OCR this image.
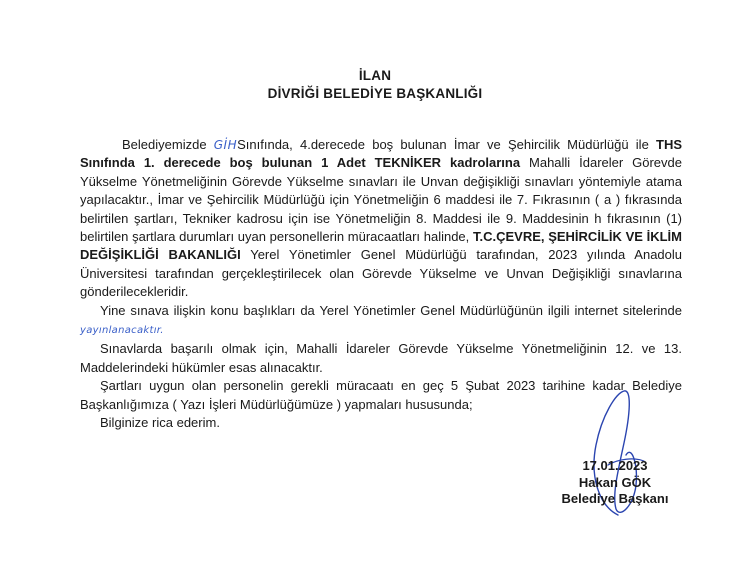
İLAN
DİVRİĞİ BELEDİYE BAŞKANLIĞI

Belediyemizde GİHSınıfında, 4.derecede boş bulunan İmar ve Şehircilik Müdürlüğü ile THS Sınıfında 1. derecede boş bulunan 1 Adet TEKNİKER kadrolarına Mahalli İdareler Görevde Yükselme Yönetmeliğinin Görevde Yükselme sınavları ile Unvan değişikliği sınavları yöntemiyle atama yapılacaktır., İmar ve Şehircilik Müdürlüğü için Yönetmeliğin 6 maddesi ile 7. Fıkrasının ( a ) fıkrasında belirtilen şartları, Tekniker kadrosu için ise Yönetmeliğin 8. Maddesi ile 9. Maddesinin h fıkrasının (1) belirtilen şartlara durumları uyan personellerin müracaatları halinde, T.C.ÇEVRE, ŞEHİRCİLİK VE İKLİM DEĞİŞİKLİĞİ BAKANLIĞI Yerel Yönetimler Genel Müdürlüğü tarafından, 2023 yılında Anadolu Üniversitesi tarafından gerçekleştirilecek olan Görevde Yükselme ve Unvan Değişikliği sınavlarına gönderilecekleridir.

Yine sınava ilişkin konu başlıkları da Yerel Yönetimler Genel Müdürlüğünün ilgili internet sitelerinde yayınlanacaktır.

Sınavlarda başarılı olmak için, Mahalli İdareler Görevde Yükselme Yönetmeliğinin 12. ve 13. Maddelerindeki hükümler esas alınacaktır.

Şartları uygun olan personelin gerekli müracaatı en geç 5 Şubat 2023 tarihine kadar Belediye Başkanlığımıza ( Yazı İşleri Müdürlüğümüze ) yapmaları hususunda;

Bilginize rica ederim.

17.01.2023
Hakan GÖK
Belediye Başkanı
